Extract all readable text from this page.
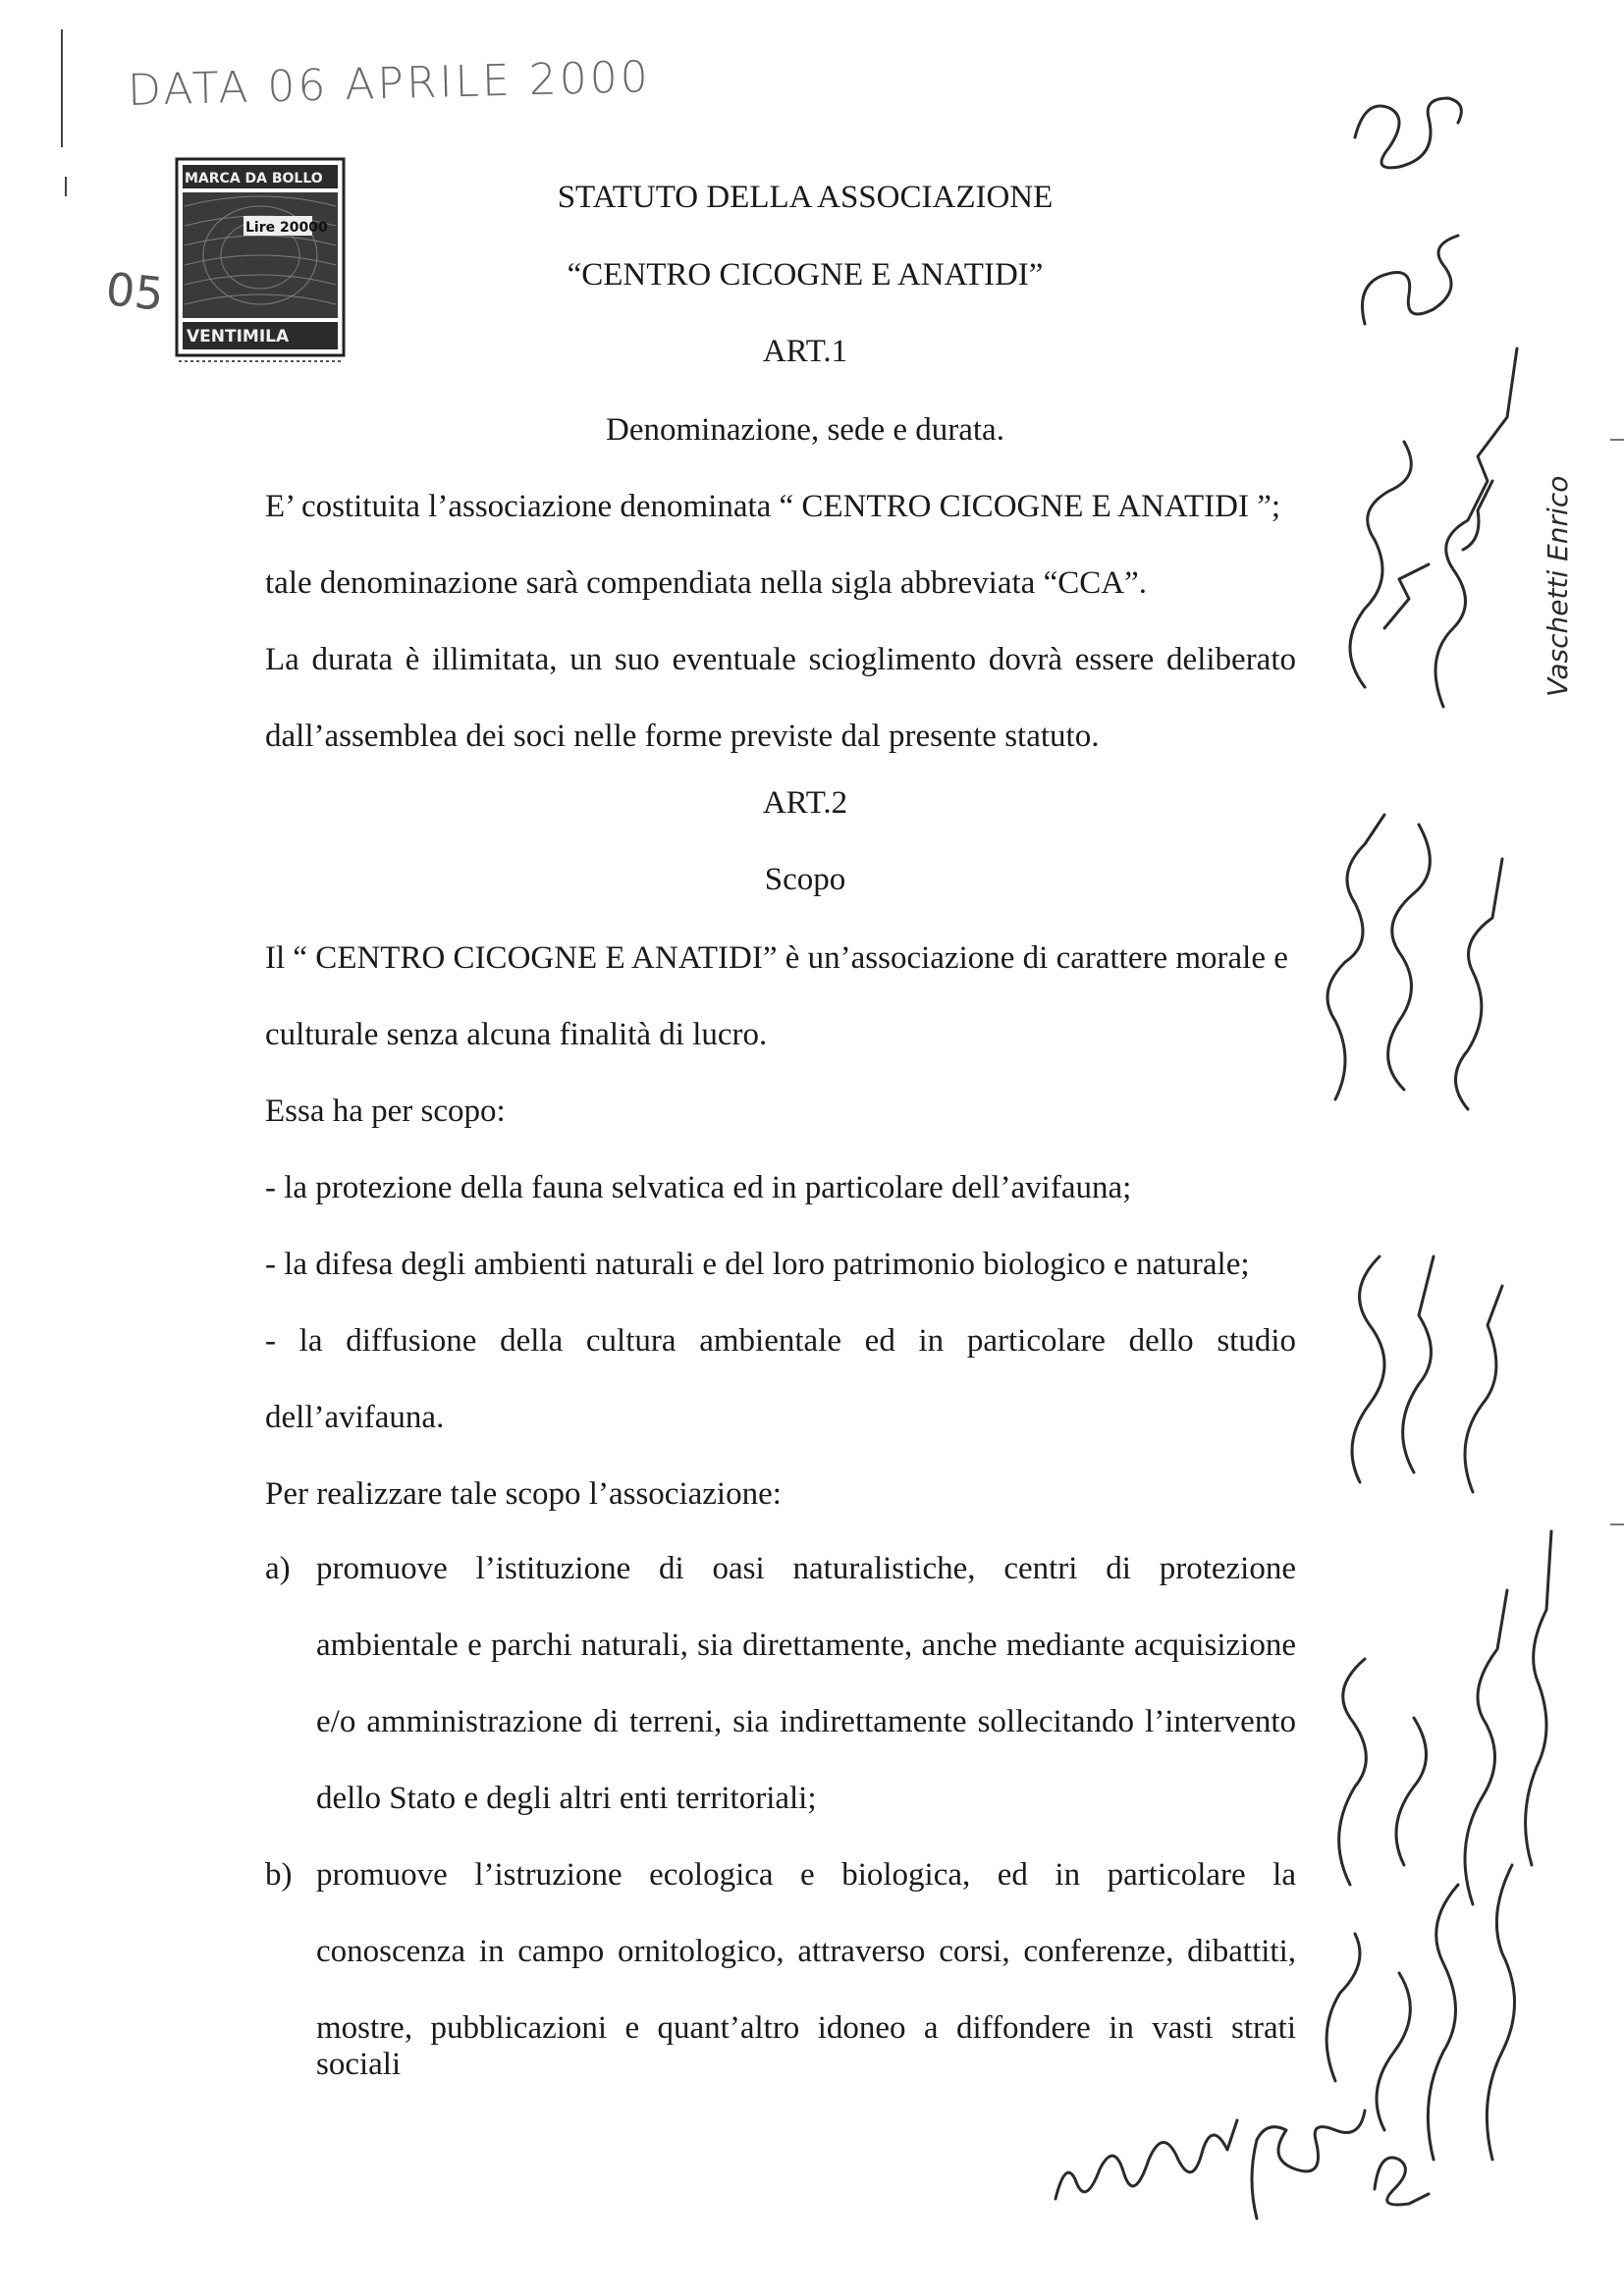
DATA 06 APRILE 2000
05
MARCA DA BOLLO
Lire 20000
VENTIMILA
STATUTO DELLA ASSOCIAZIONE
“CENTRO CICOGNE E ANATIDI”
ART.1
Denominazione, sede e durata.
E’ costituita l’associazione denominata “ CENTRO CICOGNE E ANATIDI ”;
tale denominazione sarà compendiata nella sigla abbreviata “CCA”.
La durata è illimitata, un suo eventuale scioglimento dovrà essere deliberato
dall’assemblea dei soci nelle forme previste dal presente statuto.
ART.2
Scopo
Il “ CENTRO CICOGNE E ANATIDI” è un’associazione di carattere morale e
culturale senza alcuna finalità di lucro.
Essa ha per scopo:
- la protezione della fauna selvatica ed in particolare dell’avifauna;
- la difesa degli ambienti naturali e del loro patrimonio biologico e naturale;
- la diffusione della cultura ambientale ed in particolare dello studio
dell’avifauna.
Per realizzare tale scopo l’associazione:
a) promuove l’istituzione di oasi naturalistiche, centri di protezione
ambientale e parchi naturali, sia direttamente, anche mediante acquisizione
e/o amministrazione di terreni, sia indirettamente sollecitando l’intervento
dello Stato e degli altri enti territoriali;
b) promuove l’istruzione ecologica e biologica, ed in particolare la
conoscenza in campo ornitologico, attraverso corsi, conferenze, dibattiti,
mostre, pubblicazioni e quant’altro idoneo a diffondere in vasti strati sociali
Vaschetti Enrico
